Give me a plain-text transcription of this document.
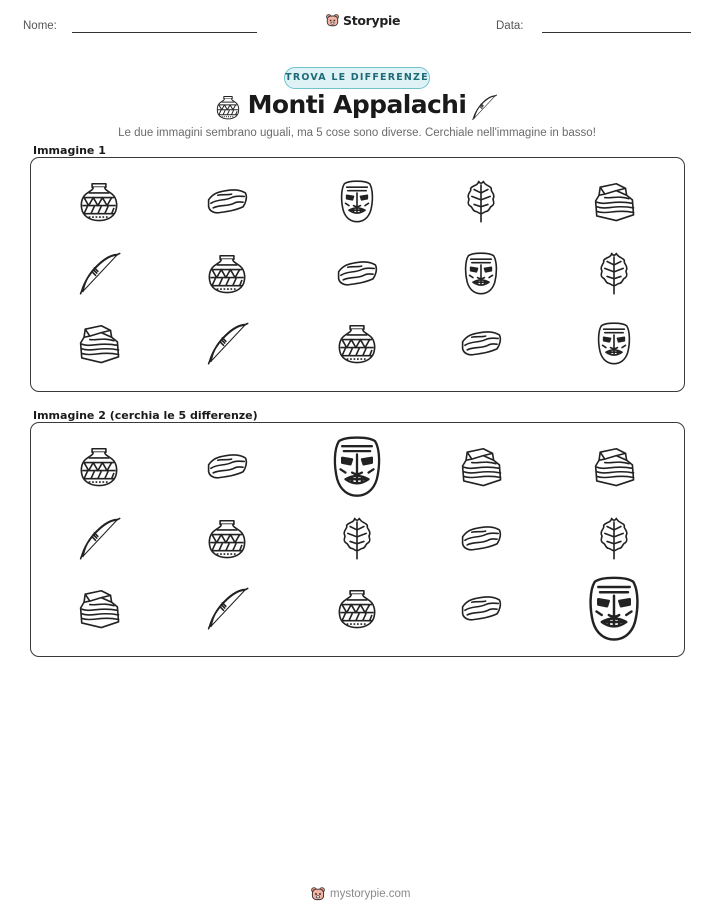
Nome:	Storypie	Data:
TROVA LE DIFFERENZE
Monti Appalachi
Le due immagini sembrano uguali, ma 5 cose sono diverse. Cerchiale nell'immagine in basso!
Immagine 1
Immagine 2 (cerchia le 5 differenze)
mystorypie.com
